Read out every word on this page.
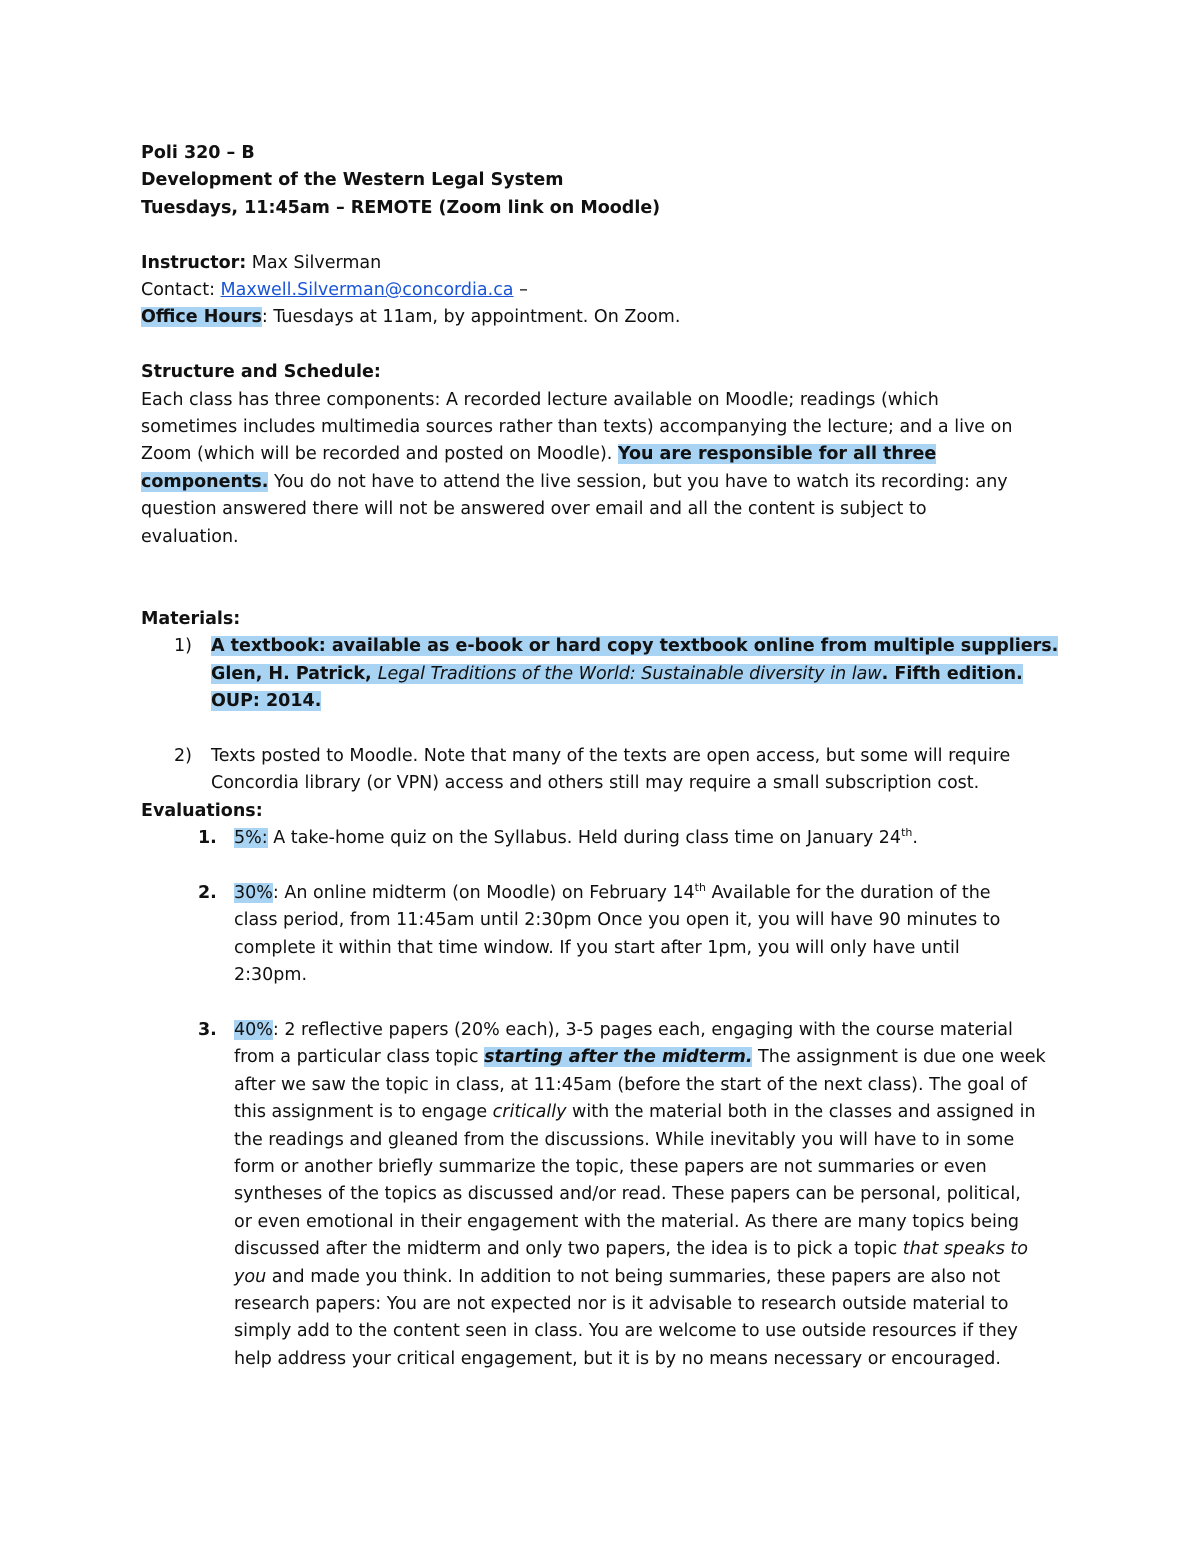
Poli 320 – B
Development of the Western Legal System
Tuesdays, 11:45am – REMOTE (Zoom link on Moodle)
Instructor: Max Silverman
Contact: Maxwell.Silverman@concordia.ca –
Office Hours: Tuesdays at 11am, by appointment. On Zoom.
Structure and Schedule:
Each class has three components: A recorded lecture available on Moodle; readings (which
sometimes includes multimedia sources rather than texts) accompanying the lecture; and a live on
Zoom (which will be recorded and posted on Moodle). You are responsible for all three
components. You do not have to attend the live session, but you have to watch its recording: any
question answered there will not be answered over email and all the content is subject to
evaluation.
Materials:
1) A textbook: available as e-book or hard copy textbook online from multiple suppliers.
Glen, H. Patrick, Legal Traditions of the World: Sustainable diversity in law. Fifth edition.
OUP: 2014.
2) Texts posted to Moodle. Note that many of the texts are open access, but some will require
Concordia library (or VPN) access and others still may require a small subscription cost.
Evaluations:
1. 5%: A take-home quiz on the Syllabus. Held during class time on January 24th.
2. 30%: An online midterm (on Moodle) on February 14th Available for the duration of the
class period, from 11:45am until 2:30pm Once you open it, you will have 90 minutes to
complete it within that time window. If you start after 1pm, you will only have until
2:30pm.
3. 40%: 2 reflective papers (20% each), 3-5 pages each, engaging with the course material
from a particular class topic starting after the midterm. The assignment is due one week
after we saw the topic in class, at 11:45am (before the start of the next class). The goal of
this assignment is to engage critically with the material both in the classes and assigned in
the readings and gleaned from the discussions. While inevitably you will have to in some
form or another briefly summarize the topic, these papers are not summaries or even
syntheses of the topics as discussed and/or read. These papers can be personal, political,
or even emotional in their engagement with the material. As there are many topics being
discussed after the midterm and only two papers, the idea is to pick a topic that speaks to
you and made you think. In addition to not being summaries, these papers are also not
research papers: You are not expected nor is it advisable to research outside material to
simply add to the content seen in class. You are welcome to use outside resources if they
help address your critical engagement, but it is by no means necessary or encouraged.
